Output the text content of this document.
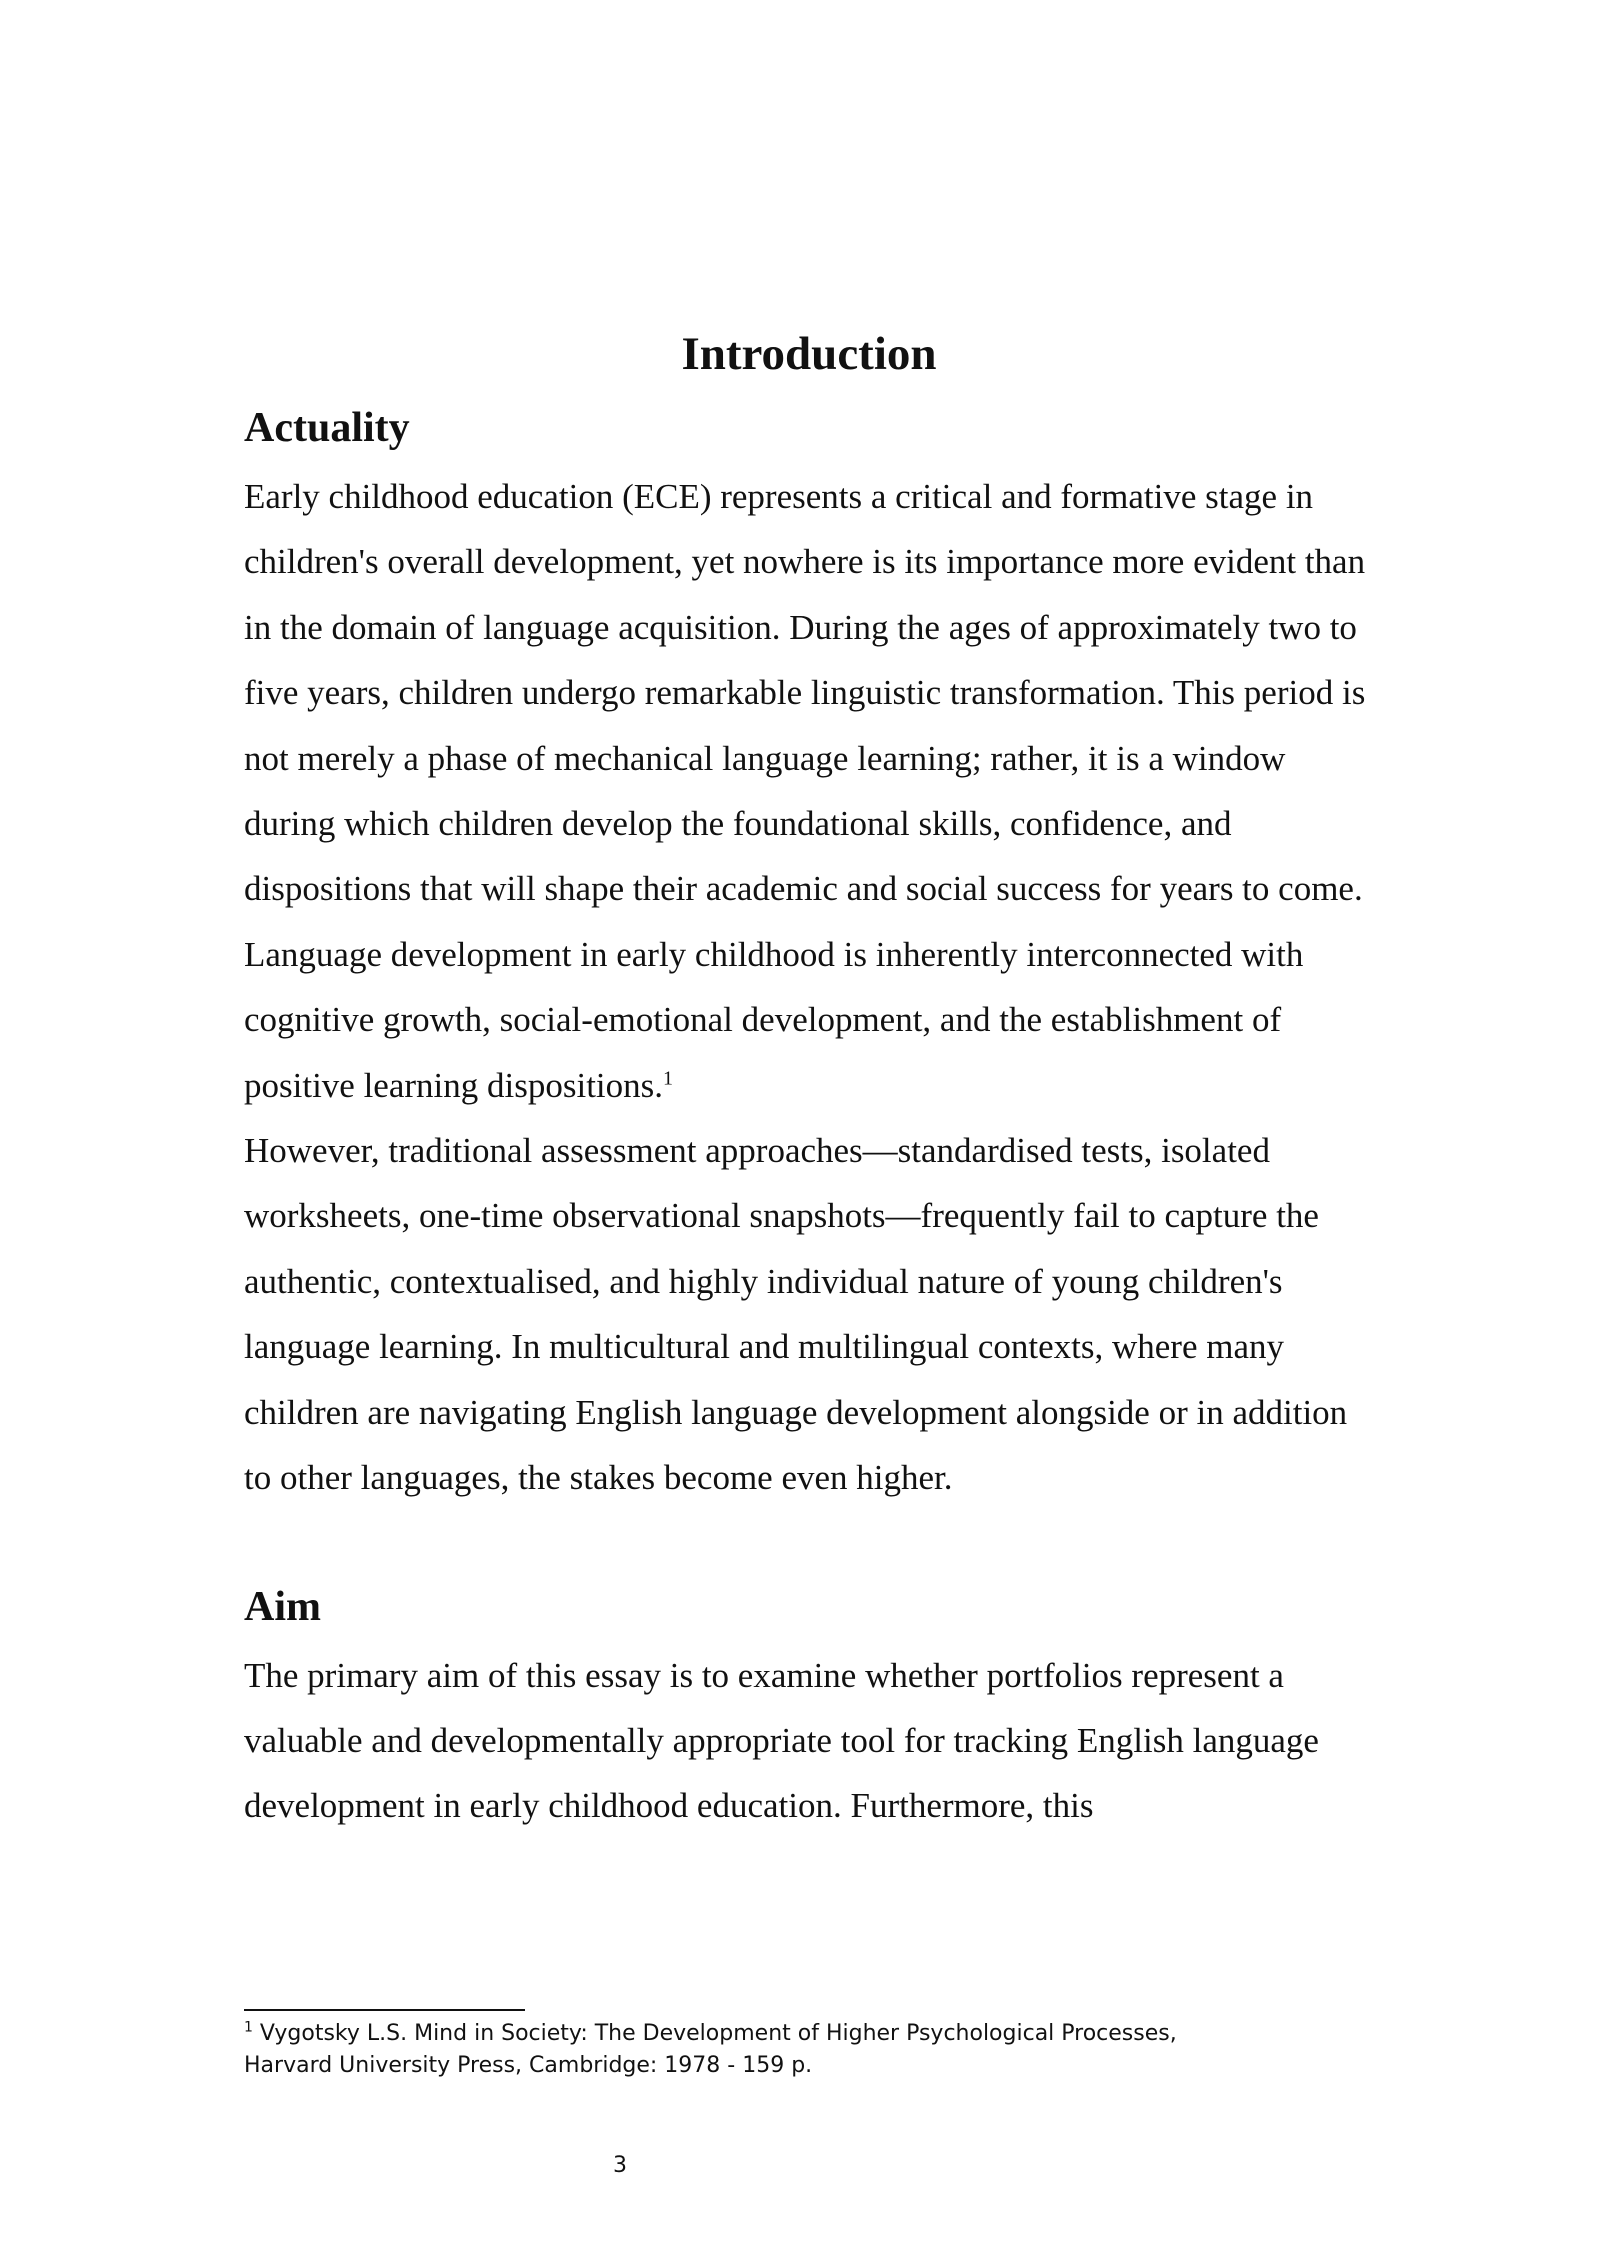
Introduction
Actuality

Early childhood education (ECE) represents a critical and formative stage in children's overall development, yet nowhere is its importance more evident than in the domain of language acquisition. During the ages of approximately two to five years, children undergo remarkable linguistic transformation. This period is not merely a phase of mechanical language learning; rather, it is a window during which children develop the foundational skills, confidence, and dispositions that will shape their academic and social success for years to come.

Language development in early childhood is inherently interconnected with cognitive growth, social-emotional development, and the establishment of positive learning dispositions.$^1$

However, traditional assessment approaches—standardised tests, isolated worksheets, one-time observational snapshots—frequently fail to capture the authentic, contextualised, and highly individual nature of young children's language learning. In multicultural and multilingual contexts, where many children are navigating English language development alongside or in addition to other languages, the stakes become even higher.

Aim

The primary aim of this essay is to examine whether portfolios represent a valuable and developmentally appropriate tool for tracking English language development in early childhood education. Furthermore, this

$^1$ Vygotsky L.S. Mind in Society: The Development of Higher Psychological Processes,
Harvard University Press, Cambridge: 1978 - 159 p.
3
